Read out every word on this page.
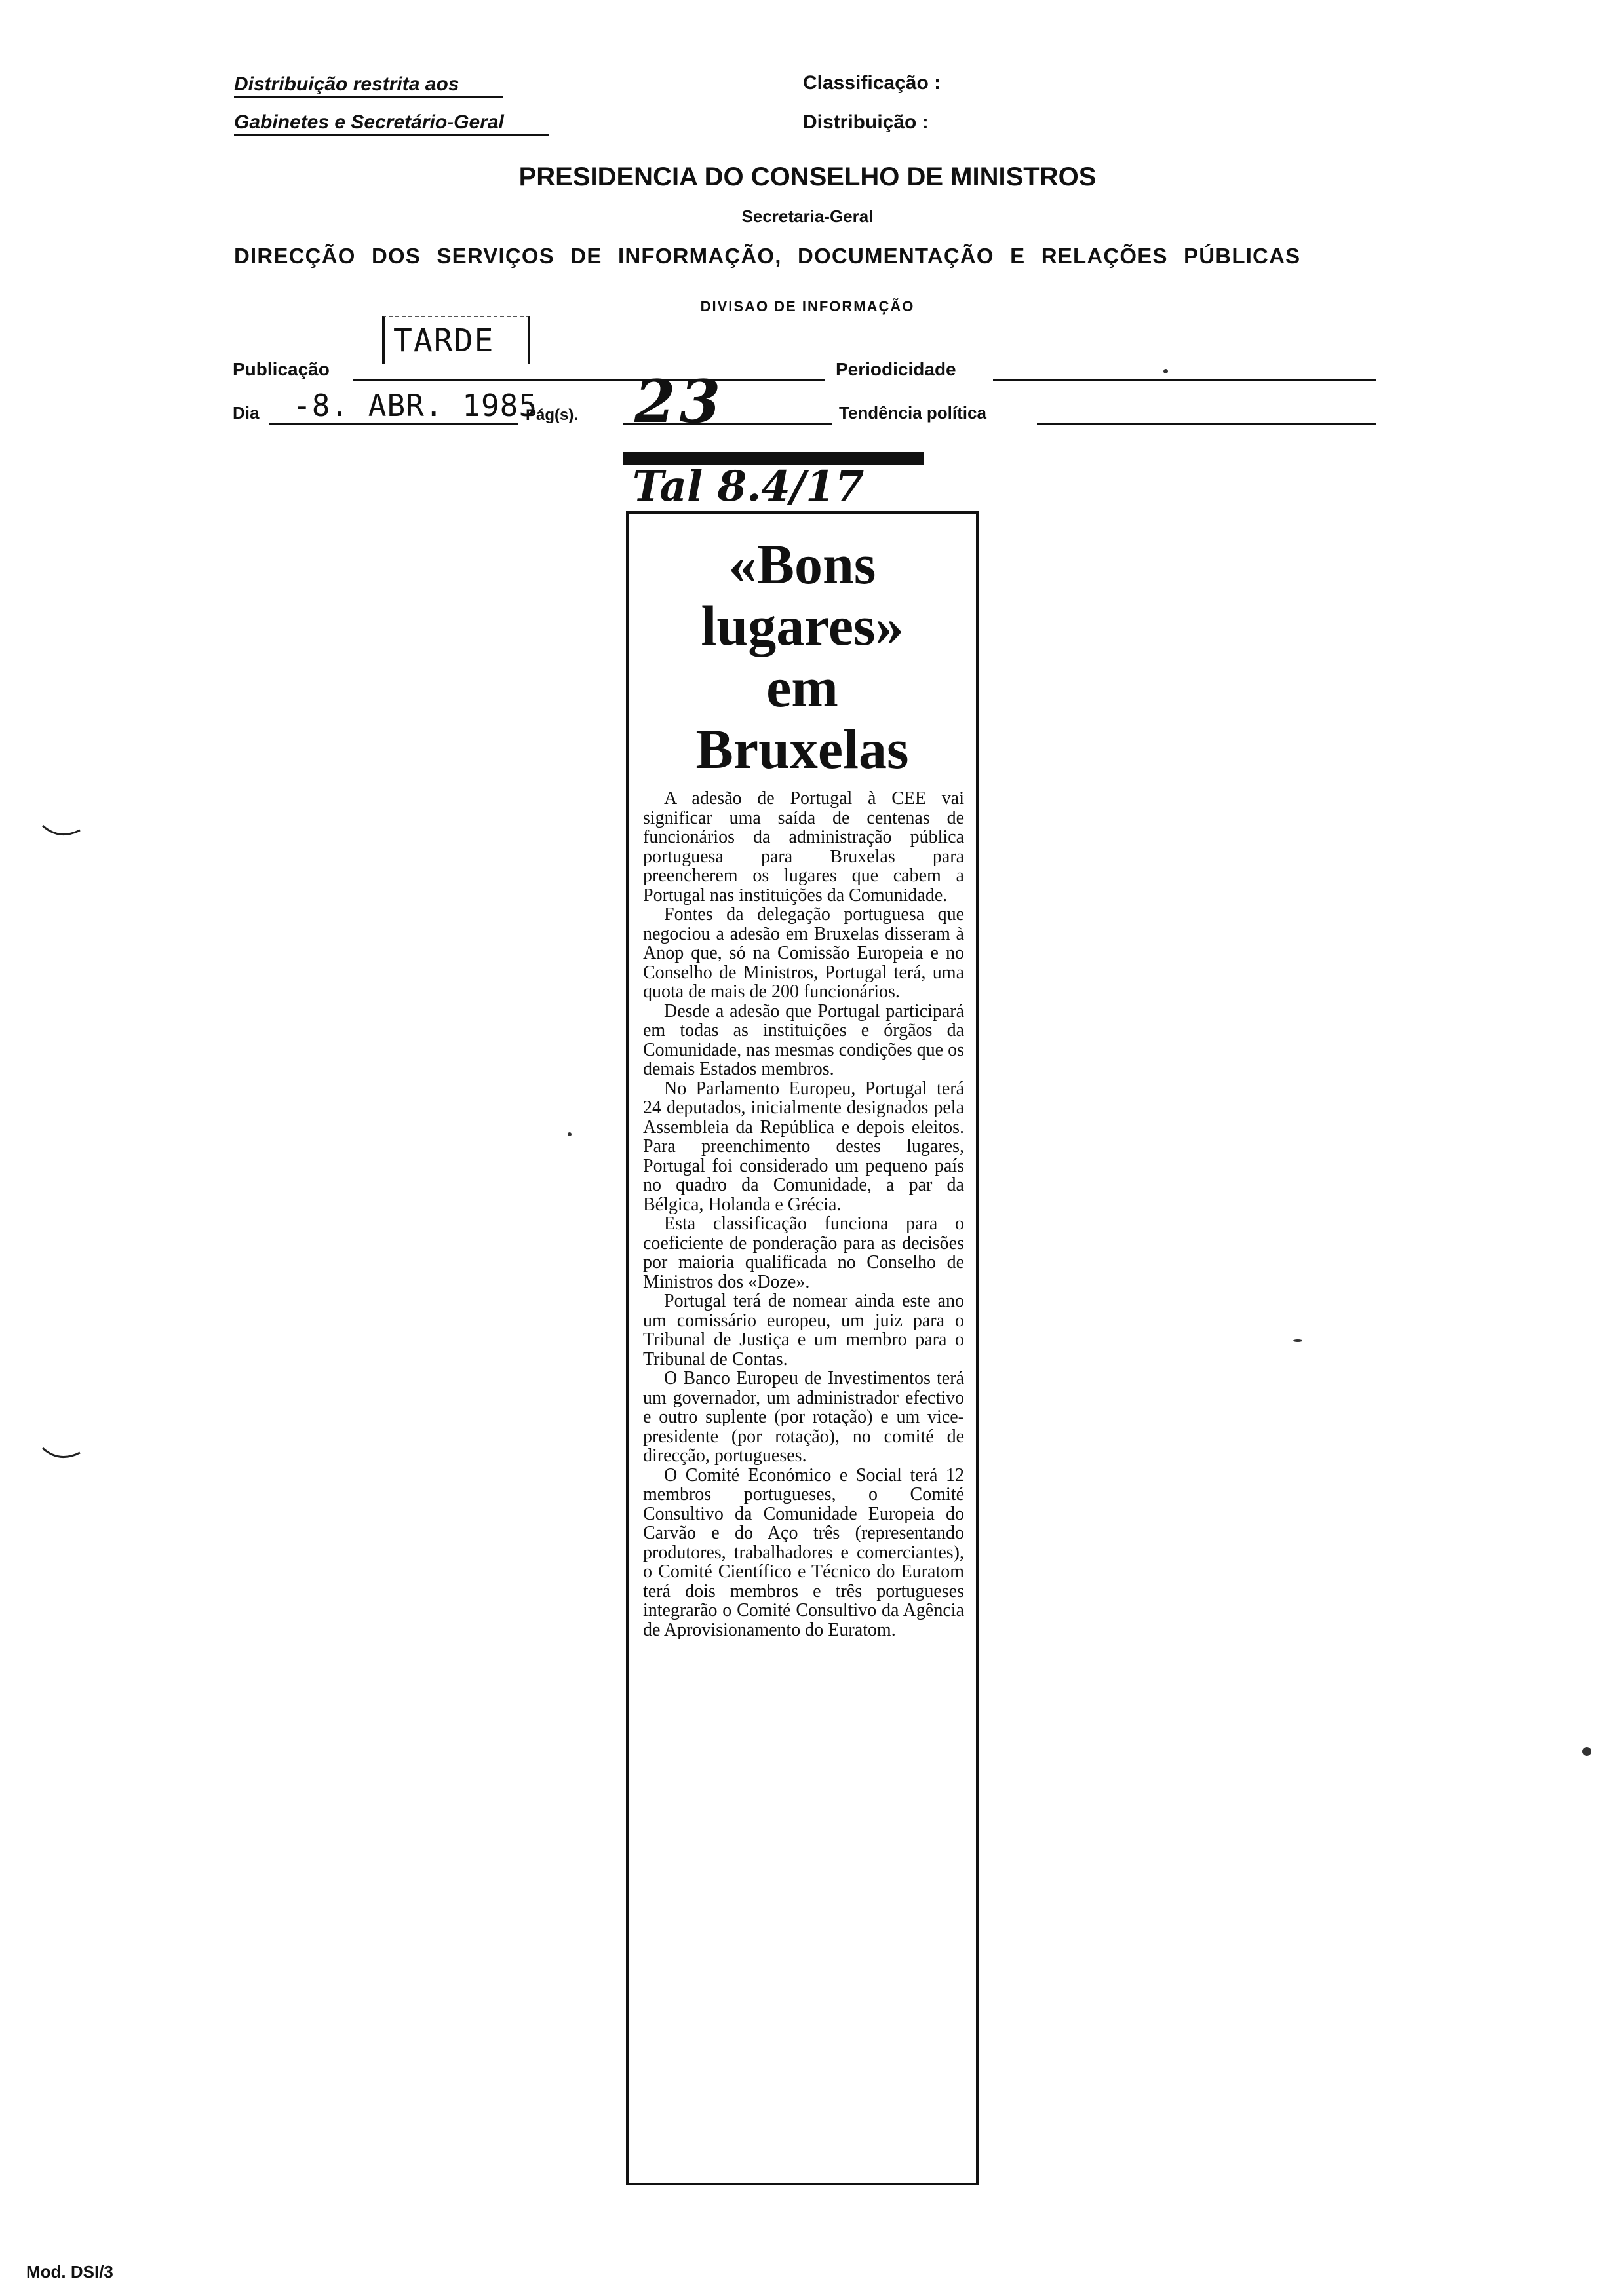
Distribuição restrita aos
Gabinetes e Secretário-Geral
Classificação :
Distribuição :
PRESIDENCIA DO CONSELHO DE MINISTROS
Secretaria-Geral
DIRECÇÃO DOS SERVIÇOS DE INFORMAÇÃO, DOCUMENTAÇÃO E RELAÇÕES PÚBLICAS
DIVISAO DE INFORMAÇÃO
Publicação
TARDE
Periodicidade
Dia -8. ABR. 1985
Pág(s). 23	Tendência política
Tal 8.4/17
«Bons
lugares»
em
Bruxelas

A adesão de Portugal à CEE vai significar uma saída de centenas de funcionários da administração pública portuguesa para Bruxelas para preencherem os lugares que cabem a Portugal nas instituições da Comunidade.

Fontes da delegação portuguesa que negociou a adesão em Bruxelas disseram à Anop que, só na Comissão Europeia e no Conselho de Ministros, Portugal terá, uma quota de mais de 200 funcionários.

Desde a adesão que Portugal participará em todas as instituições e órgãos da Comunidade, nas mesmas condições que os demais Estados membros.

No Parlamento Europeu, Portugal terá 24 deputados, inicialmente designados pela Assembleia da República e depois eleitos. Para preenchimento destes lugares, Portugal foi considerado um pequeno país no quadro da Comunidade, a par da Bélgica, Holanda e Grécia.

Esta classificação funciona para o coeficiente de ponderação para as decisões por maioria qualificada no Conselho de Ministros dos «Doze».

Portugal terá de nomear ainda este ano um comissário europeu, um juiz para o Tribunal de Justiça e um membro para o Tribunal de Contas.

O Banco Europeu de Investimentos terá um governador, um administrador efectivo e outro suplente (por rotação) e um vice-presidente (por rotação), no comité de direcção, portugueses.

O Comité Económico e Social terá 12 membros portugueses, o Comité Consultivo da Comunidade Europeia do Carvão e do Aço três (representando produtores, trabalhadores e comerciantes), o Comité Científico e Técnico do Euratom terá dois membros e três portugueses integrarão o Comité Consultivo da Agência de Aprovisionamento do Euratom.

Mod. DSI/3
